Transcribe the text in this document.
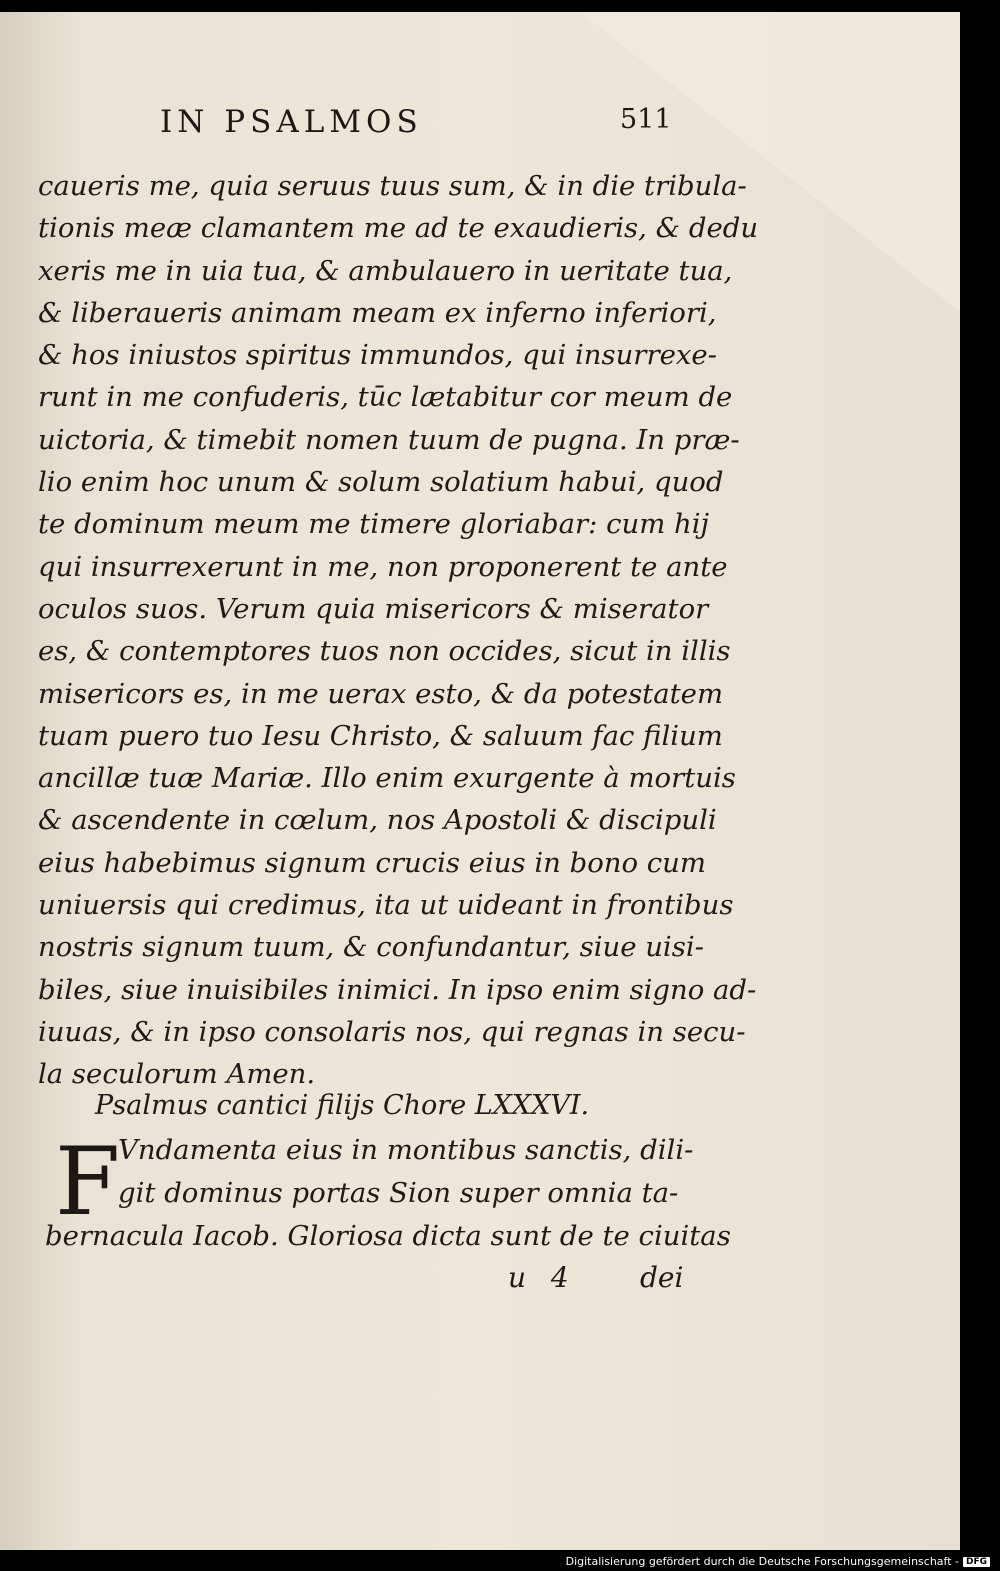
IN PSALMOS	511
caueris me, quia seruus tuus sum, & in die tribula-
tionis meæ clamantem me ad te exaudieris, & dedu
xeris me in uia tua, & ambulauero in ueritate tua,
& liberaueris animam meam ex inferno inferiori,
& hos iniustos spiritus immundos, qui insurrexe-
runt in me confuderis, tūc lætabitur cor meum de
uictoria, & timebit nomen tuum de pugna. In præ-
lio enim hoc unum & solum solatium habui, quod
te dominum meum me timere gloriabar: cum hij
qui insurrexerunt in me, non proponerent te ante
oculos suos. Verum quia misericors & miserator
es, & contemptores tuos non occides, sicut in illis
misericors es, in me uerax esto, & da potestatem
tuam puero tuo Iesu Christo, & saluum fac filium
ancillæ tuæ Mariæ. Illo enim exurgente à mortuis
& ascendente in cœlum, nos Apostoli & discipuli
eius habebimus signum crucis eius in bono cum
uniuersis qui credimus, ita ut uideant in frontibus
nostris signum tuum, & confundantur, siue uisi-
biles, siue inuisibiles inimici. In ipso enim signo ad-
iuuas, & in ipso consolaris nos, qui regnas in secu-
la seculorum Amen.
Psalmus cantici filijs Chore LXXXVI.
F
Vndamenta eius in montibus sanctis, dili-
git dominus portas Sion super omnia ta-
bernacula Iacob. Gloriosa dicta sunt de te ciuitas
u 4	dei
Digitalisierung gefördert durch die Deutsche Forschungsgemeinschaft - DFG
